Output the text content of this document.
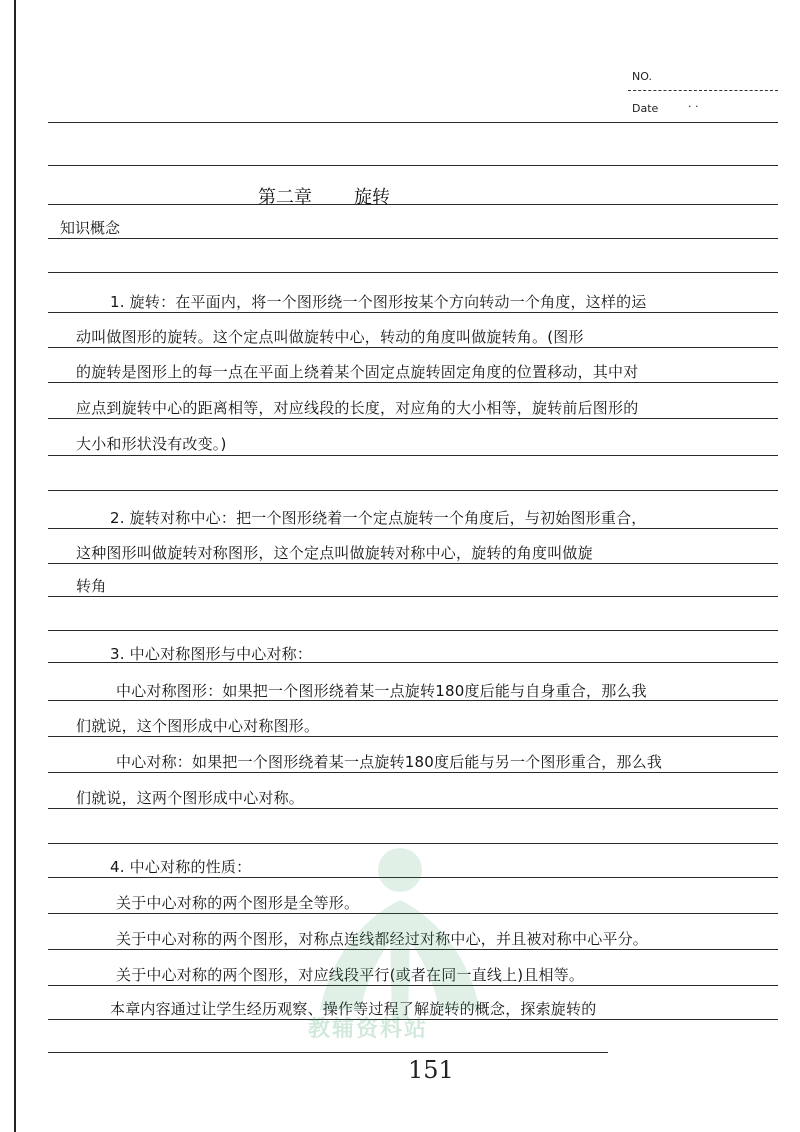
NO.
Date	· ·
第二章 旋转
知识概念
1. 旋转：在平面内，将一个图形绕一个图形按某个方向转动一个角度，这样的运
动叫做图形的旋转。这个定点叫做旋转中心，转动的角度叫做旋转角。(图形
的旋转是图形上的每一点在平面上绕着某个固定点旋转固定角度的位置移动，其中对
应点到旋转中心的距离相等，对应线段的长度，对应角的大小相等，旋转前后图形的
大小和形状没有改变。)
2. 旋转对称中心：把一个图形绕着一个定点旋转一个角度后，与初始图形重合，
这种图形叫做旋转对称图形，这个定点叫做旋转对称中心，旋转的角度叫做旋
转角
3. 中心对称图形与中心对称：
中心对称图形：如果把一个图形绕着某一点旋转180度后能与自身重合，那么我
们就说，这个图形成中心对称图形。
中心对称：如果把一个图形绕着某一点旋转180度后能与另一个图形重合，那么我
们就说，这两个图形成中心对称。
4. 中心对称的性质：
关于中心对称的两个图形是全等形。
关于中心对称的两个图形，对称点连线都经过对称中心，并且被对称中心平分。
关于中心对称的两个图形，对应线段平行(或者在同一直线上)且相等。
本章内容通过让学生经历观察、操作等过程了解旋转的概念，探索旋转的
教辅资料站
151
